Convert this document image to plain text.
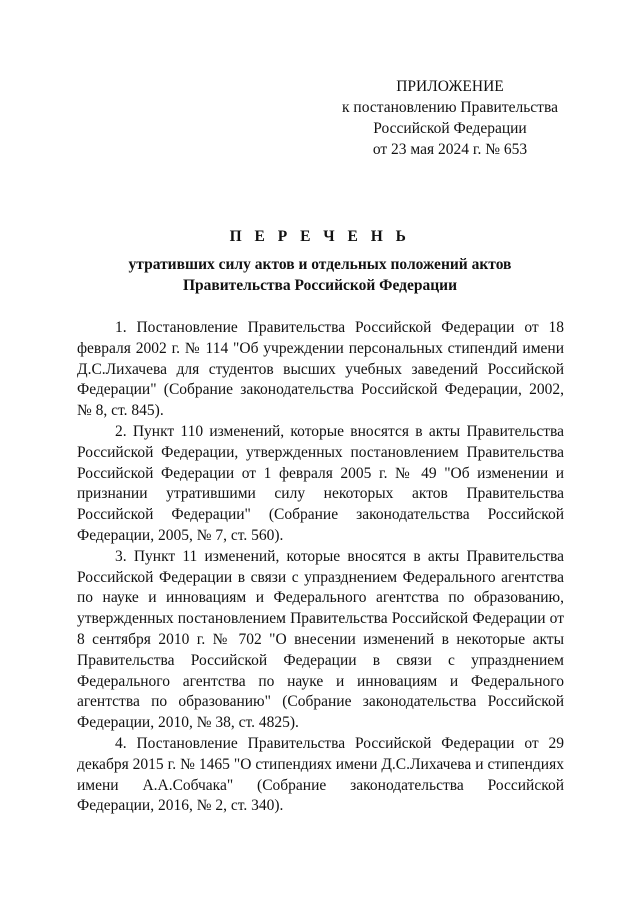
ПРИЛОЖЕНИЕ
к постановлению Правительства
Российской Федерации
от 23 мая 2024 г. № 653
П Е Р Е Ч Е Н Ь
утративших силу актов и отдельных положений актов
Правительства Российской Федерации

1. Постановление Правительства Российской Федерации от 18 февраля 2002 г. № 114 "Об учреждении персональных стипендий имени Д.С.Лихачева для студентов высших учебных заведений Российской Федерации" (Собрание законодательства Российской Федерации, 2002, № 8, ст. 845).

2. Пункт 110 изменений, которые вносятся в акты Правительства Российской Федерации, утвержденных постановлением Правительства Российской Федерации от 1 февраля 2005 г. № 49 "Об изменении и признании утратившими силу некоторых актов Правительства Российской Федерации" (Собрание законодательства Российской Федерации, 2005, № 7, ст. 560).

3. Пункт 11 изменений, которые вносятся в акты Правительства Российской Федерации в связи с упразднением Федерального агентства по науке и инновациям и Федерального агентства по образованию, утвержденных постановлением Правительства Российской Федерации от 8 сентября 2010 г. № 702 "О внесении изменений в некоторые акты Правительства Российской Федерации в связи с упразднением Федерального агентства по науке и инновациям и Федерального агентства по образованию" (Собрание законодательства Российской Федерации, 2010, № 38, ст. 4825).

4. Постановление Правительства Российской Федерации от 29 декабря 2015 г. № 1465 "О стипендиях имени Д.С.Лихачева и стипендиях имени А.А.Собчака" (Собрание законодательства Российской Федерации, 2016, № 2, ст. 340).
